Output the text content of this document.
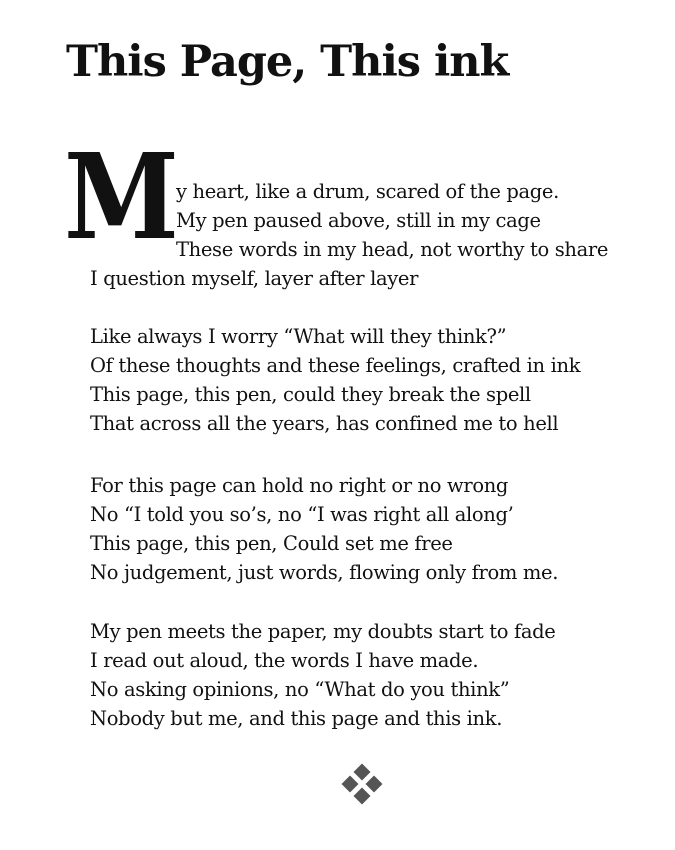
This Page, This ink
M y heart, like a drum, scared of the page.
My pen paused above, still in my cage
These words in my head, not worthy to share
I question myself, layer after layer
Like always I worry “What will they think?”
Of these thoughts and these feelings, crafted in ink
This page, this pen, could they break the spell
That across all the years, has confined me to hell
For this page can hold no right or no wrong
No “I told you so’s, no “I was right all along’
This page, this pen, Could set me free
No judgement, just words, flowing only from me.
My pen meets the paper, my doubts start to fade
I read out aloud, the words I have made.
No asking opinions, no “What do you think”
Nobody but me, and this page and this ink.
